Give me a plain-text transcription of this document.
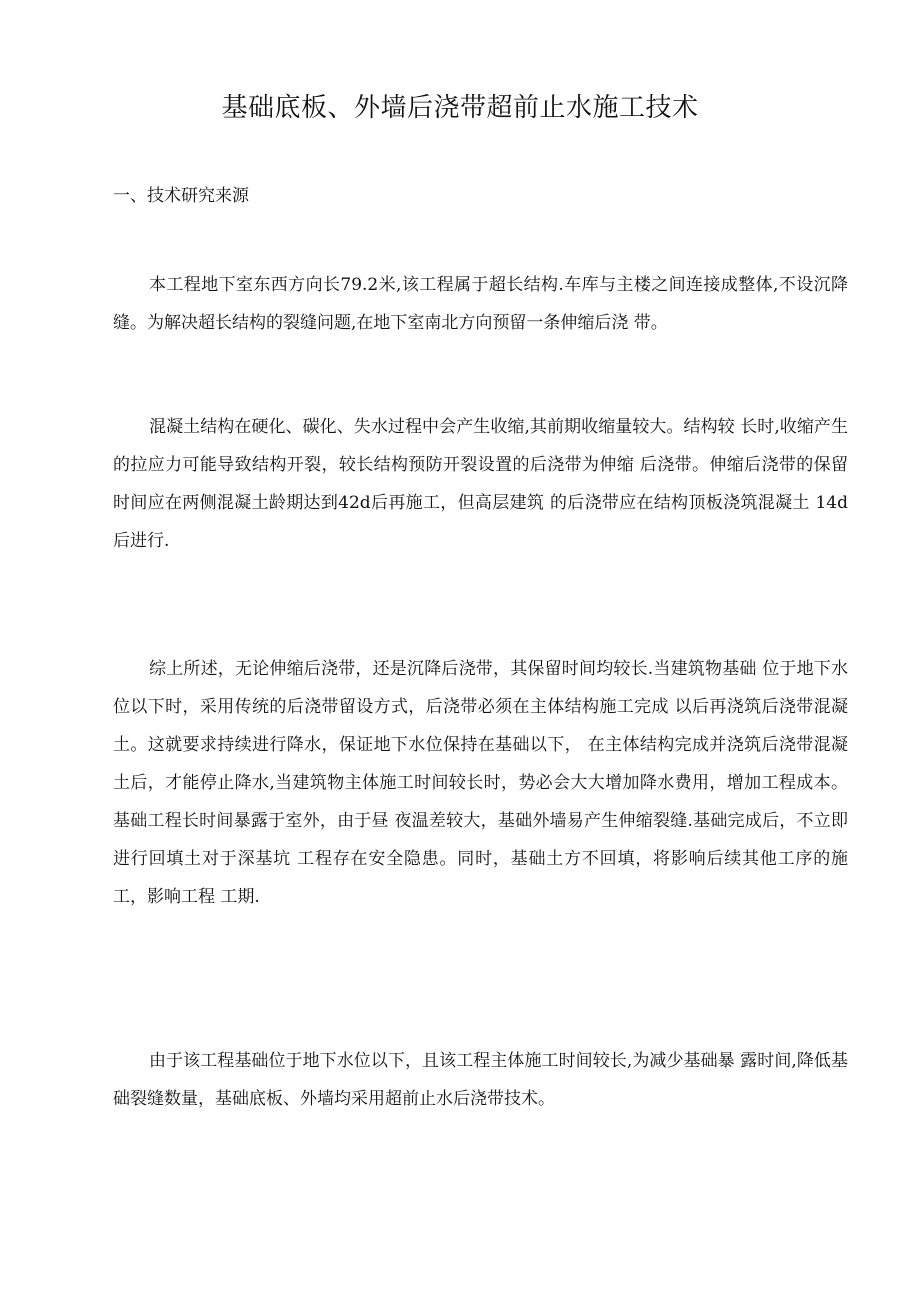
基础底板、外墙后浇带超前止水施工技术
一、技术研究来源

本工程地下室东西方向长79.2米,该工程属于超长结构.车库与主楼之间连接成整体,不设沉降缝。为解决超长结构的裂缝问题,在地下室南北方向预留一条伸缩后浇 带。

混凝土结构在硬化、碳化、失水过程中会产生收缩,其前期收缩量较大。结构较 长时,收缩产生的拉应力可能导致结构开裂，较长结构预防开裂设置的后浇带为伸缩 后浇带。伸缩后浇带的保留时间应在两侧混凝土龄期达到42d后再施工，但高层建筑 的后浇带应在结构顶板浇筑混凝土 14d后进行.

综上所述，无论伸缩后浇带，还是沉降后浇带，其保留时间均较长.当建筑物基础 位于地下水位以下时，采用传统的后浇带留设方式，后浇带必须在主体结构施工完成 以后再浇筑后浇带混凝土。这就要求持续进行降水，保证地下水位保持在基础以下， 在主体结构完成并浇筑后浇带混凝土后，才能停止降水,当建筑物主体施工时间较长时，势必会大大增加降水费用，增加工程成本。基础工程长时间暴露于室外，由于昼 夜温差较大，基础外墙易产生伸缩裂缝.基础完成后，不立即进行回填土对于深基坑 工程存在安全隐患。同时，基础土方不回填，将影响后续其他工序的施工，影响工程 工期.

由于该工程基础位于地下水位以下，且该工程主体施工时间较长,为减少基础暴 露时间,降低基础裂缝数量，基础底板、外墙均采用超前止水后浇带技术。
